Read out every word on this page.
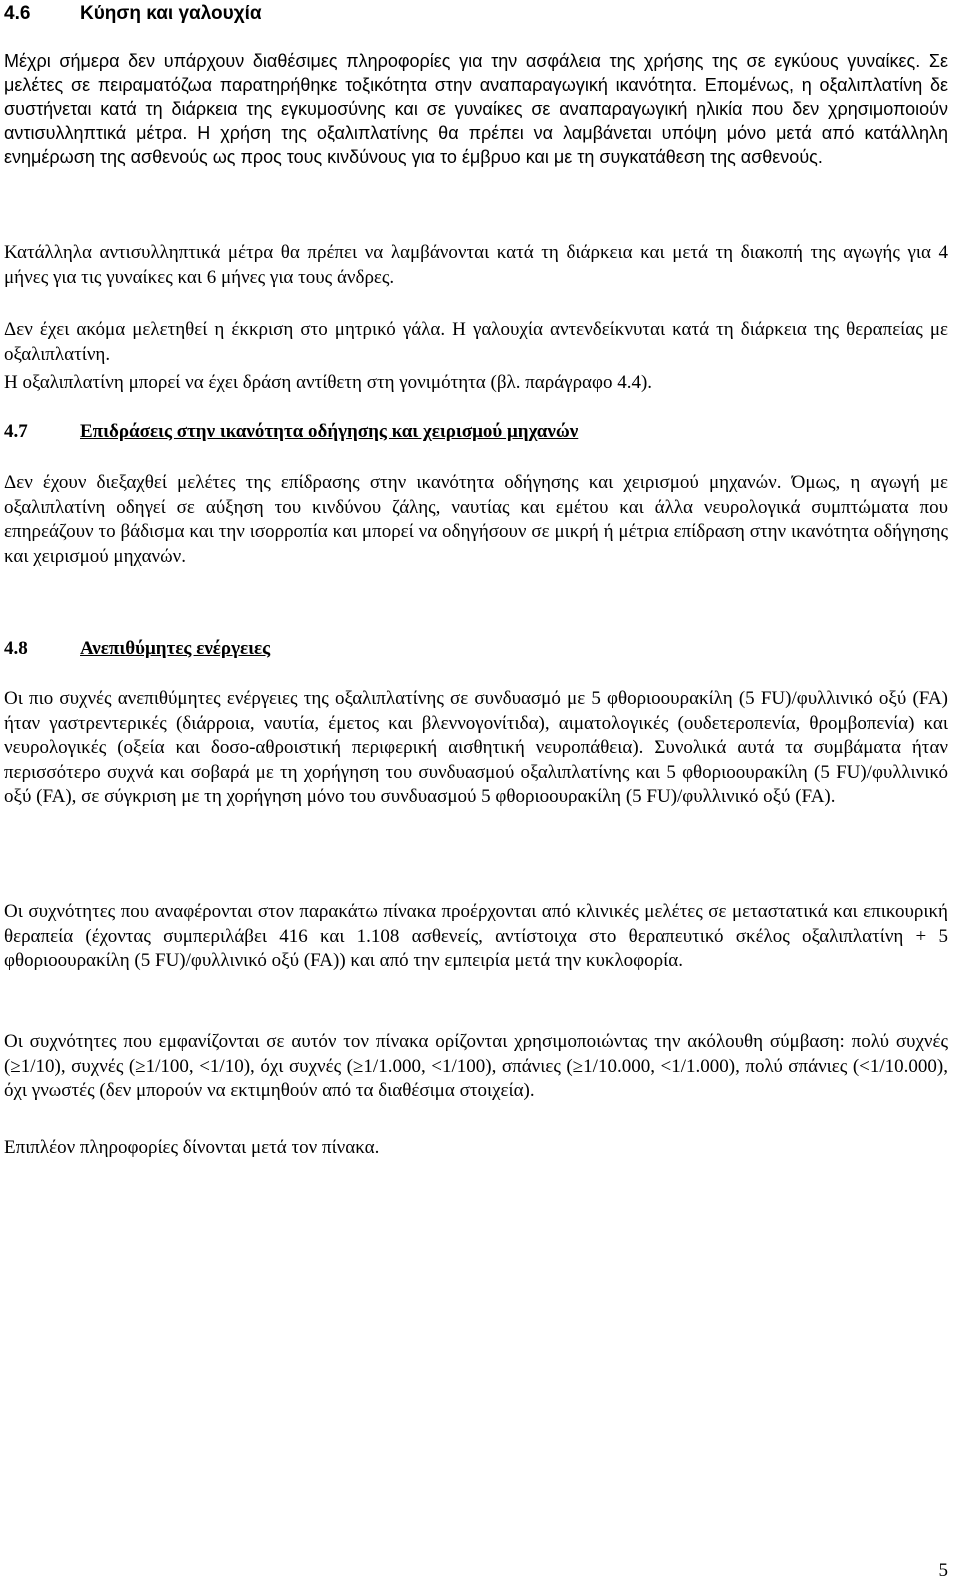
4.6	Κύηση και γαλουχία

Μέχρι σήμερα δεν υπάρχουν διαθέσιμες πληροφορίες για την ασφάλεια της χρήσης της σε εγκύους γυναίκες. Σε μελέτες σε πειραματόζωα παρατηρήθηκε τοξικότητα στην αναπαραγωγική ικανότητα. Επομένως, η οξαλιπλατίνη δε συστήνεται κατά τη διάρκεια της εγκυμοσύνης και σε γυναίκες σε αναπαραγωγική ηλικία που δεν χρησιμοποιούν αντισυλληπτικά μέτρα. Η χρήση της οξαλιπλατίνης θα πρέπει να λαμβάνεται υπόψη μόνο μετά από κατάλληλη ενημέρωση της ασθενούς ως προς τους κινδύνους για το έμβρυο και με τη συγκατάθεση της ασθενούς.

Κατάλληλα αντισυλληπτικά μέτρα θα πρέπει να λαμβάνονται κατά τη διάρκεια και μετά τη διακοπή της αγωγής για 4 μήνες για τις γυναίκες και 6 μήνες για τους άνδρες.

Δεν έχει ακόμα μελετηθεί η έκκριση στο μητρικό γάλα. Η γαλουχία αντενδείκνυται κατά τη διάρκεια της θεραπείας με οξαλιπλατίνη.

Η οξαλιπλατίνη μπορεί να έχει δράση αντίθετη στη γονιμότητα (βλ. παράγραφο 4.4).

4.7	Επιδράσεις στην ικανότητα οδήγησης και χειρισμού μηχανών

Δεν έχουν διεξαχθεί μελέτες της επίδρασης στην ικανότητα οδήγησης και χειρισμού μηχανών. Όμως, η αγωγή με οξαλιπλατίνη οδηγεί σε αύξηση του κινδύνου ζάλης, ναυτίας και εμέτου και άλλα νευρολογικά συμπτώματα που επηρεάζουν το βάδισμα και την ισορροπία και μπορεί να οδηγήσουν σε μικρή ή μέτρια επίδραση στην ικανότητα οδήγησης και χειρισμού μηχανών.

4.8	Ανεπιθύμητες ενέργειες

Οι πιο συχνές ανεπιθύμητες ενέργειες της οξαλιπλατίνης σε συνδυασμό με 5 φθοριοουρακίλη (5 FU)/φυλλινικό οξύ (FA) ήταν γαστρεντερικές (διάρροια, ναυτία, έμετος και βλεννογονίτιδα), αιματολογικές (ουδετεροπενία, θρομβοπενία) και νευρολογικές (οξεία και δοσο-αθροιστική περιφερική αισθητική νευροπάθεια). Συνολικά αυτά τα συμβάματα ήταν περισσότερο συχνά και σοβαρά με τη χορήγηση του συνδυασμού οξαλιπλατίνης και 5 φθοριοουρακίλη (5 FU)/φυλλινικό οξύ (FA), σε σύγκριση με τη χορήγηση μόνο του συνδυασμού 5 φθοριοουρακίλη (5 FU)/φυλλινικό οξύ (FA).

Οι συχνότητες που αναφέρονται στον παρακάτω πίνακα προέρχονται από κλινικές μελέτες σε μεταστατικά και επικουρική θεραπεία (έχοντας συμπεριλάβει 416 και 1.108 ασθενείς, αντίστοιχα στο θεραπευτικό σκέλος οξαλιπλατίνη + 5 φθοριοουρακίλη (5 FU)/φυλλινικό οξύ (FA)) και από την εμπειρία μετά την κυκλοφορία.

Οι συχνότητες που εμφανίζονται σε αυτόν τον πίνακα ορίζονται χρησιμοποιώντας την ακόλουθη σύμβαση: πολύ συχνές (≥1/10), συχνές (≥1/100, <1/10), όχι συχνές (≥1/1.000, <1/100), σπάνιες (≥1/10.000, <1/1.000), πολύ σπάνιες (<1/10.000), όχι γνωστές (δεν μπορούν να εκτιμηθούν από τα διαθέσιμα στοιχεία).

Επιπλέον πληροφορίες δίνονται μετά τον πίνακα.

5
